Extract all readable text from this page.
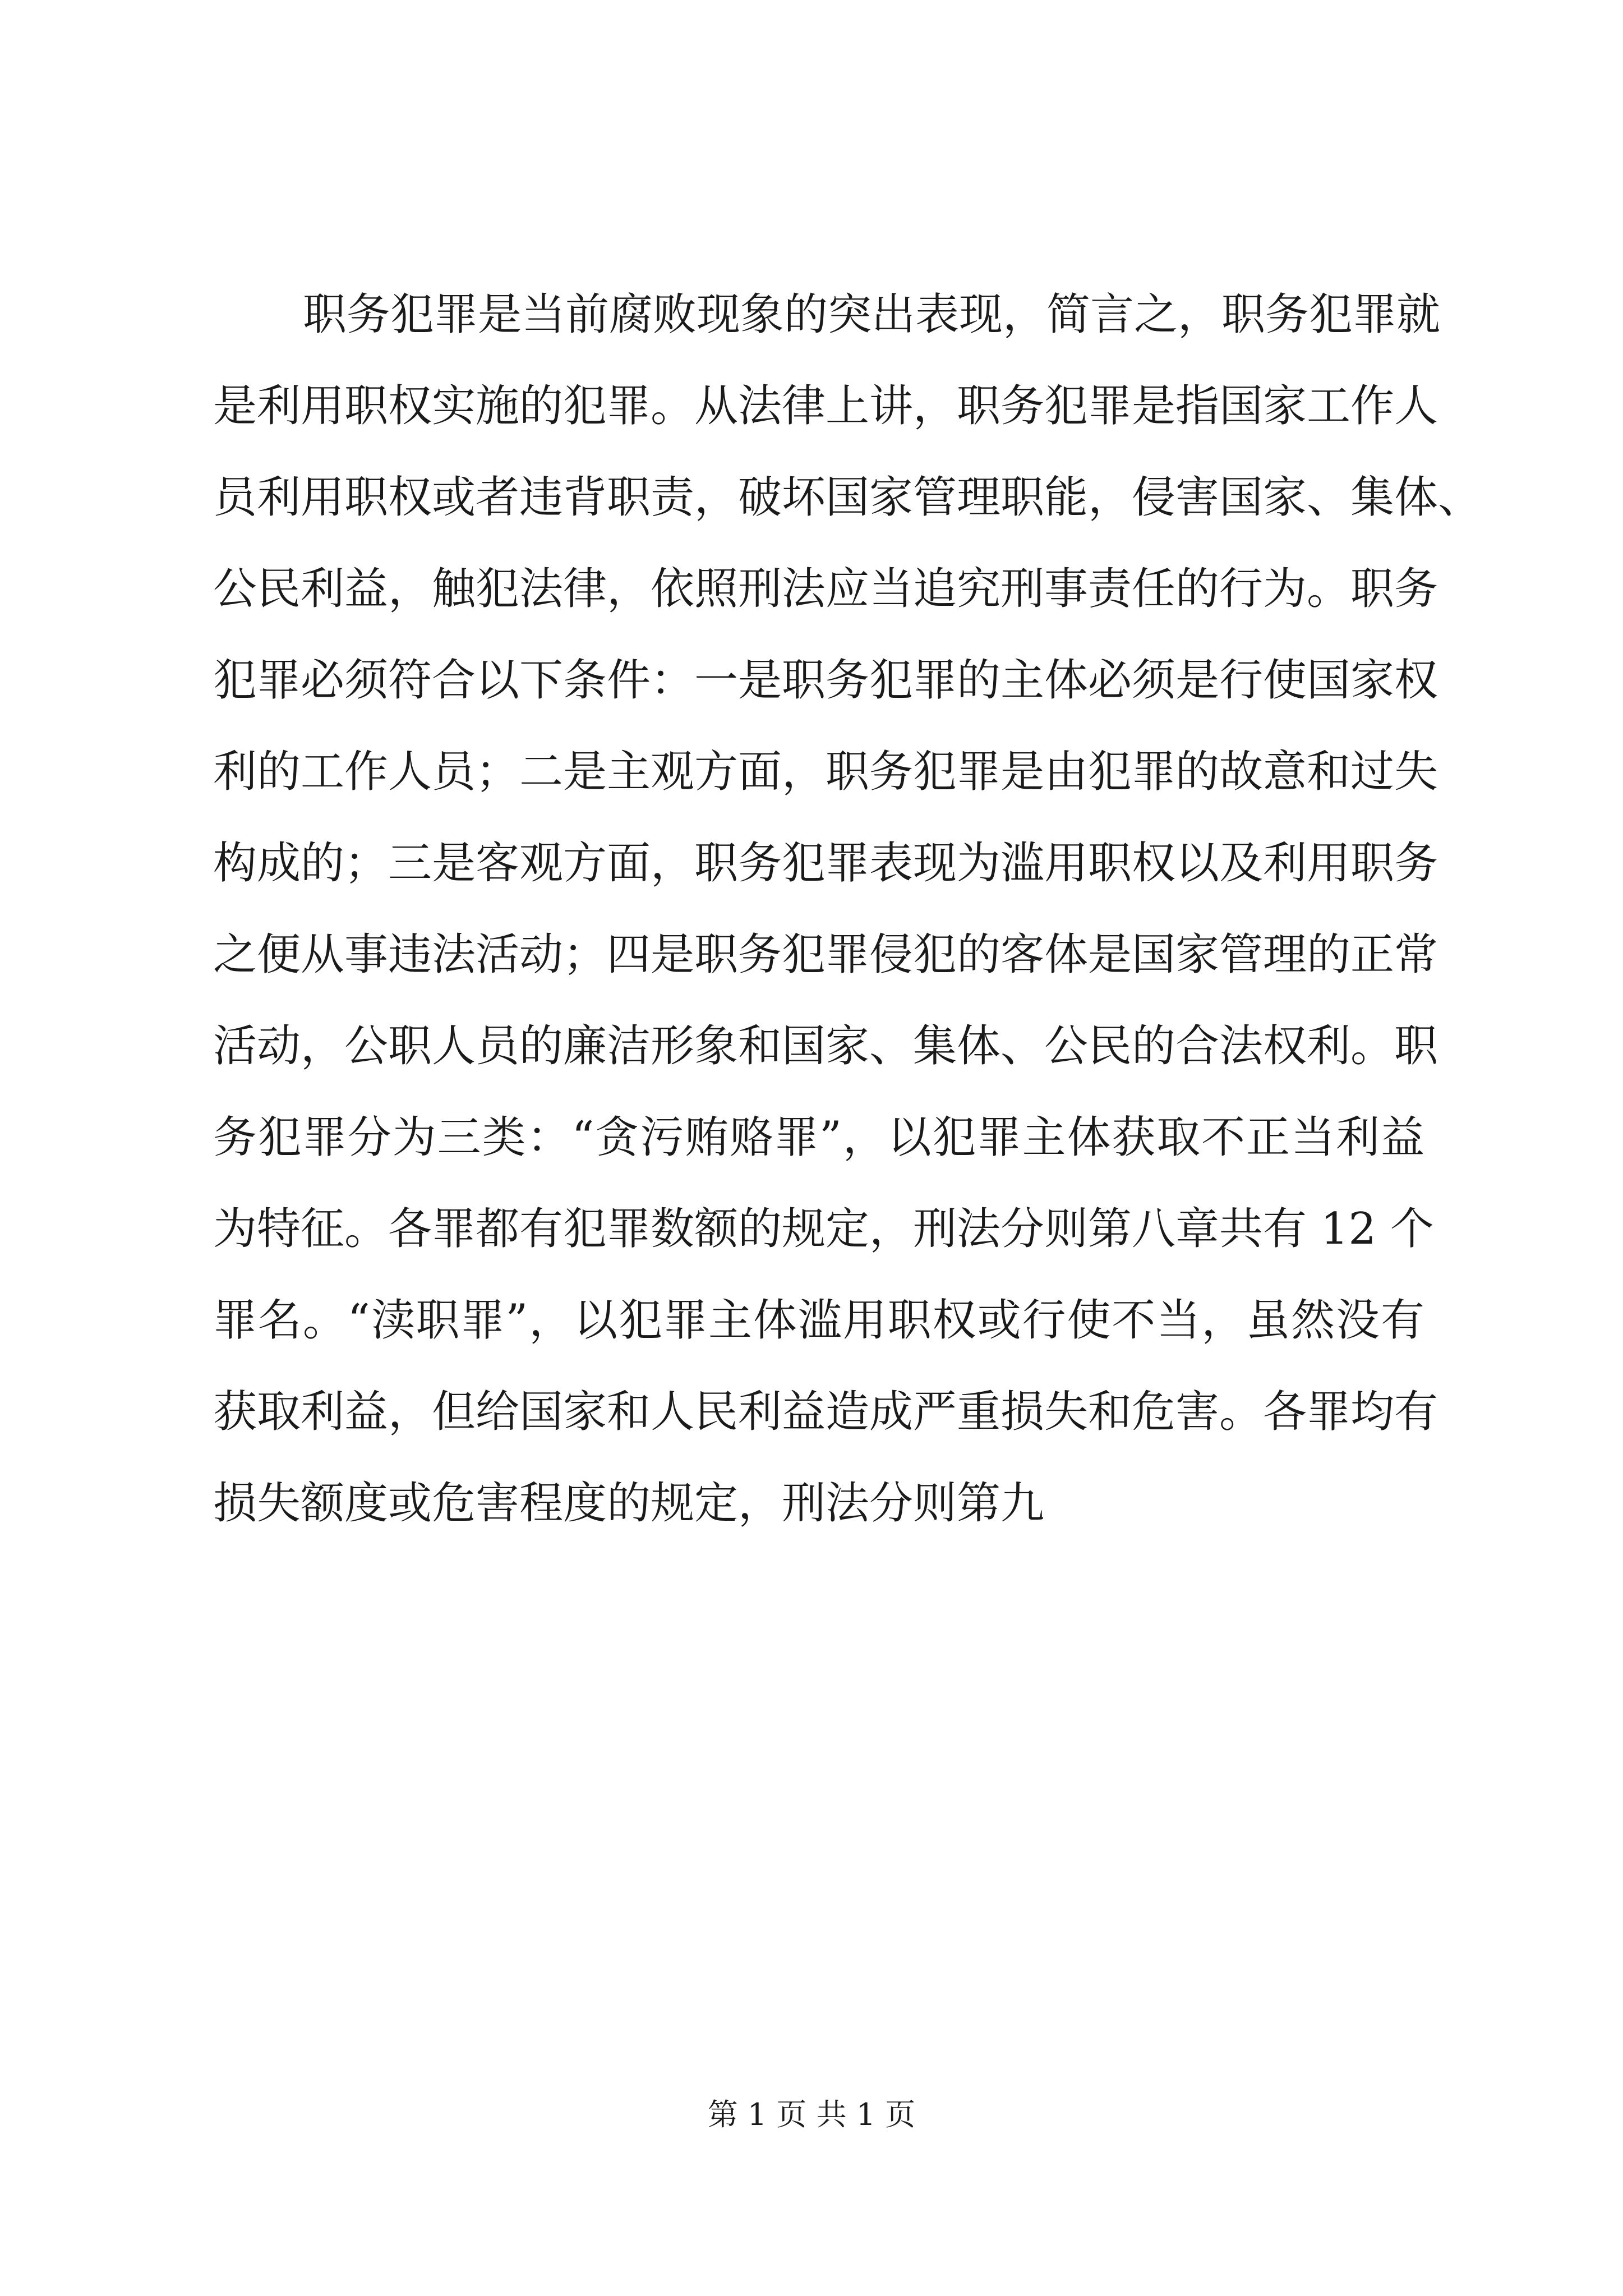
职务犯罪是当前腐败现象的突出表现，简言之，职务犯罪就
是利用职权实施的犯罪。从法律上讲，职务犯罪是指国家工作人
员利用职权或者违背职责，破坏国家管理职能，侵害国家、集体、
公民利益，触犯法律，依照刑法应当追究刑事责任的行为。职务
犯罪必须符合以下条件：一是职务犯罪的主体必须是行使国家权
利的工作人员；二是主观方面，职务犯罪是由犯罪的故意和过失
构成的；三是客观方面，职务犯罪表现为滥用职权以及利用职务
之便从事违法活动；四是职务犯罪侵犯的客体是国家管理的正常
活动，公职人员的廉洁形象和国家、集体、公民的合法权利。职
务犯罪分为三类：“贪污贿赂罪”，以犯罪主体获取不正当利益
为特征。各罪都有犯罪数额的规定，刑法分则第八章共有 12 个
罪名。“渎职罪”，以犯罪主体滥用职权或行使不当，虽然没有
获取利益，但给国家和人民利益造成严重损失和危害。各罪均有
损失额度或危害程度的规定，刑法分则第九
第 1 页 共 1 页
